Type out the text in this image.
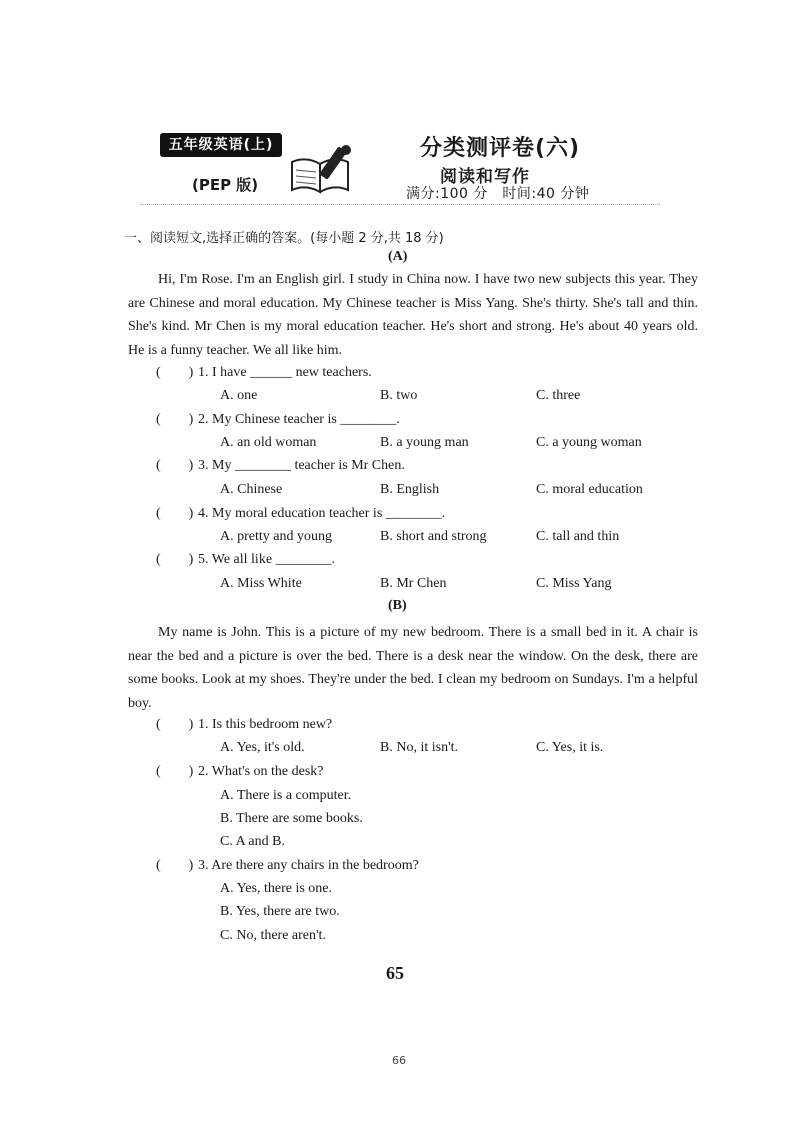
五年级英语(上)
(PEP 版)
分类测评卷(六)
阅读和写作
满分:100 分　时间:40 分钟
一、阅读短文,选择正确的答案。(每小题 2 分,共 18 分)
(A)

Hi, I'm Rose. I'm an English girl. I study in China now. I have two new subjects this year. They are Chinese and moral education. My Chinese teacher is Miss Yang. She's thirty. She's tall and thin. She's kind. Mr Chen is my moral education teacher. He's short and strong. He's about 40 years old. He is a funny teacher. We all like him.

(　　) 1. I have ______ new teachers.
A. one	B. two	C. three
(　　) 2. My Chinese teacher is ________.
A. an old woman	B. a young man	C. a young woman
(　　) 3. My ________ teacher is Mr Chen.
A. Chinese	B. English	C. moral education
(　　) 4. My moral education teacher is ________.
A. pretty and young	B. short and strong	C. tall and thin
(　　) 5. We all like ________.
A. Miss White	B. Mr Chen	C. Miss Yang
(B)

My name is John. This is a picture of my new bedroom. There is a small bed in it. A chair is near the bed and a picture is over the bed. There is a desk near the window. On the desk, there are some books. Look at my shoes. They're under the bed. I clean my bedroom on Sundays. I'm a helpful boy.

(　　) 1. Is this bedroom new?
A. Yes, it's old.	B. No, it isn't.	C. Yes, it is.
(　　) 2. What's on the desk?
A. There is a computer.
B. There are some books.
C. A and B.
(　　) 3. Are there any chairs in the bedroom?
A. Yes, there is one.
B. Yes, there are two.
C. No, there aren't.
65
66
